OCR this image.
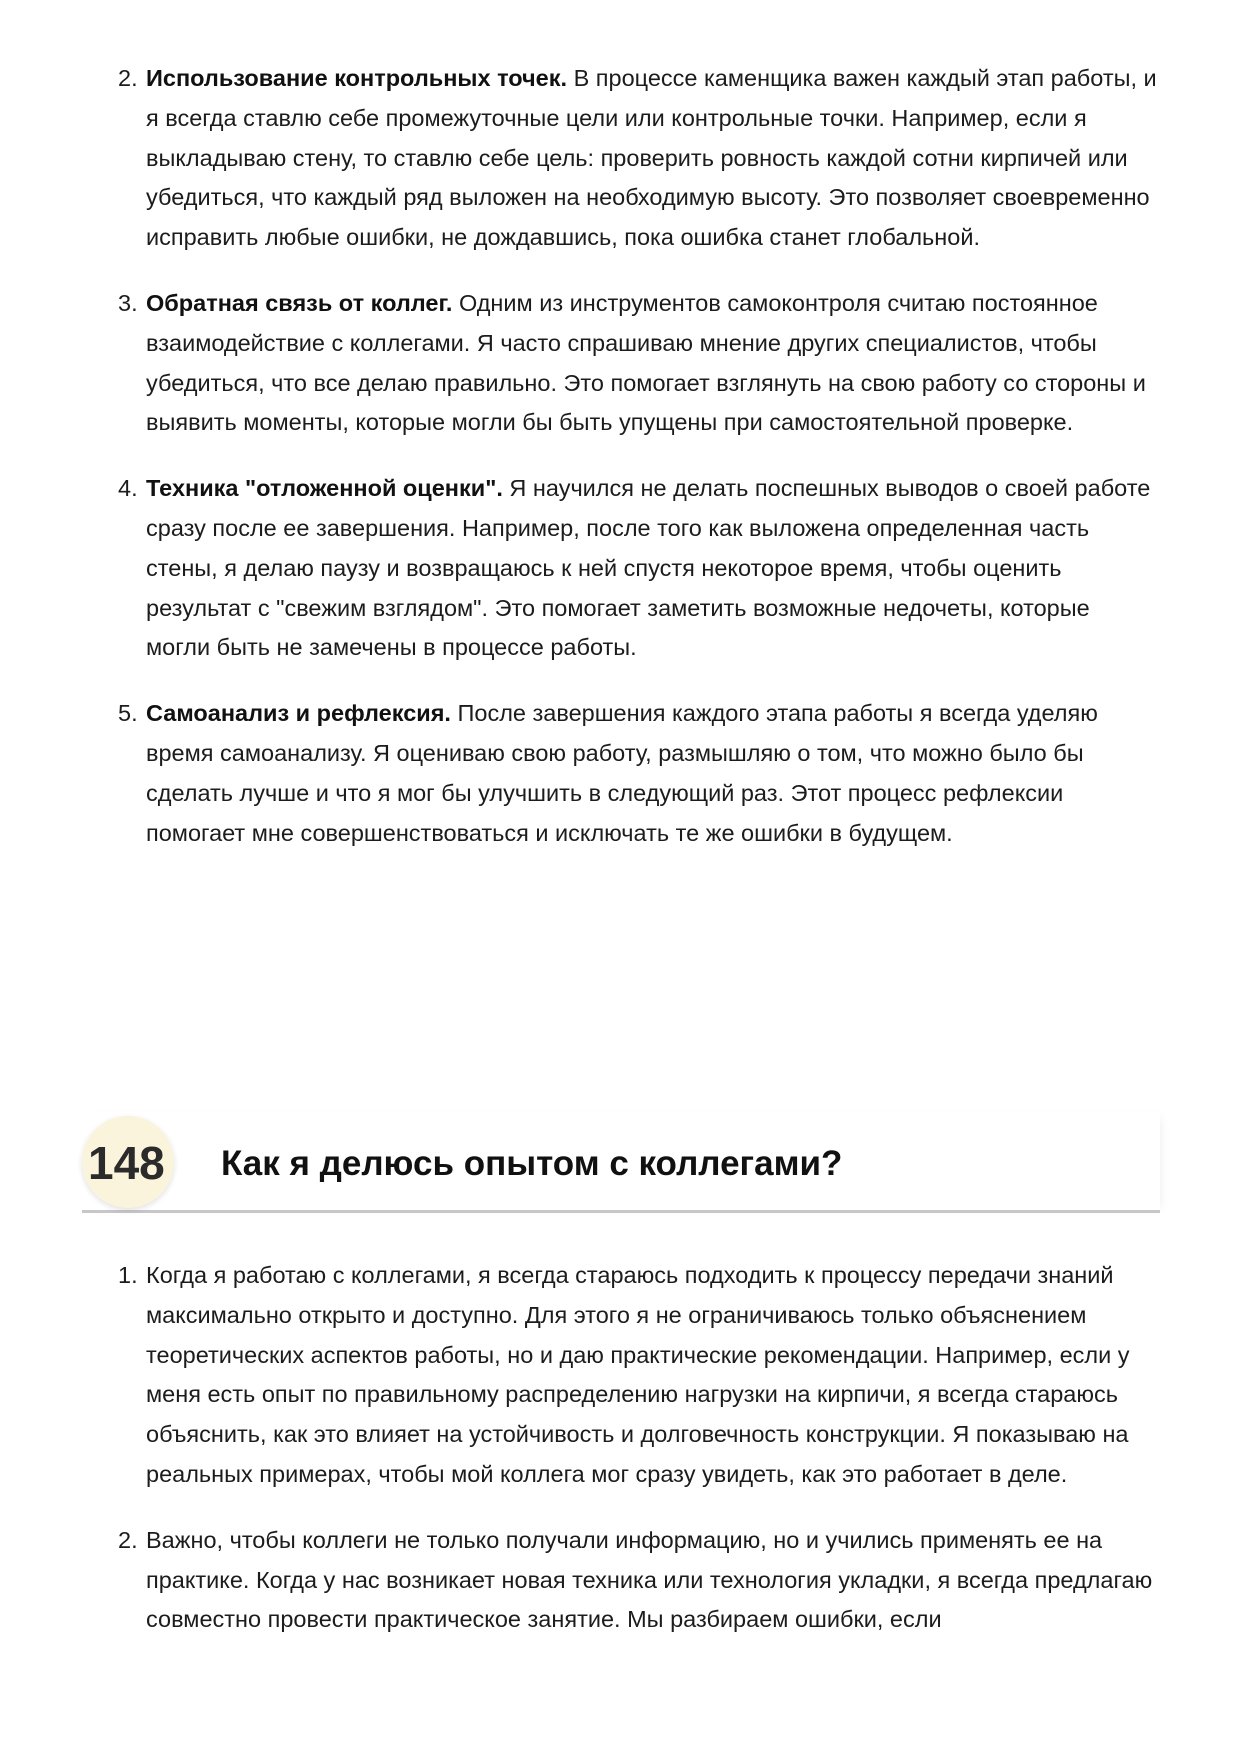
2. Использование контрольных точек. В процессе каменщика важен каждый этап работы, и я всегда ставлю себе промежуточные цели или контрольные точки. Например, если я выкладываю стену, то ставлю себе цель: проверить ровность каждой сотни кирпичей или убедиться, что каждый ряд выложен на необходимую высоту. Это позволяет своевременно исправить любые ошибки, не дождавшись, пока ошибка станет глобальной.
3. Обратная связь от коллег. Одним из инструментов самоконтроля считаю постоянное взаимодействие с коллегами. Я часто спрашиваю мнение других специалистов, чтобы убедиться, что все делаю правильно. Это помогает взглянуть на свою работу со стороны и выявить моменты, которые могли бы быть упущены при самостоятельной проверке.
4. Техника "отложенной оценки". Я научился не делать поспешных выводов о своей работе сразу после ее завершения. Например, после того как выложена определенная часть стены, я делаю паузу и возвращаюсь к ней спустя некоторое время, чтобы оценить результат с "свежим взглядом". Это помогает заметить возможные недочеты, которые могли быть не замечены в процессе работы.
5. Самоанализ и рефлексия. После завершения каждого этапа работы я всегда уделяю время самоанализу. Я оцениваю свою работу, размышляю о том, что можно было бы сделать лучше и что я мог бы улучшить в следующий раз. Этот процесс рефлексии помогает мне совершенствоваться и исключать те же ошибки в будущем.
148 Как я делюсь опытом с коллегами?
1. Когда я работаю с коллегами, я всегда стараюсь подходить к процессу передачи знаний максимально открыто и доступно. Для этого я не ограничиваюсь только объяснением теоретических аспектов работы, но и даю практические рекомендации. Например, если у меня есть опыт по правильному распределению нагрузки на кирпичи, я всегда стараюсь объяснить, как это влияет на устойчивость и долговечность конструкции. Я показываю на реальных примерах, чтобы мой коллега мог сразу увидеть, как это работает в деле.
2. Важно, чтобы коллеги не только получали информацию, но и учились применять ее на практике. Когда у нас возникает новая техника или технология укладки, я всегда предлагаю совместно провести практическое занятие. Мы разбираем ошибки, если
